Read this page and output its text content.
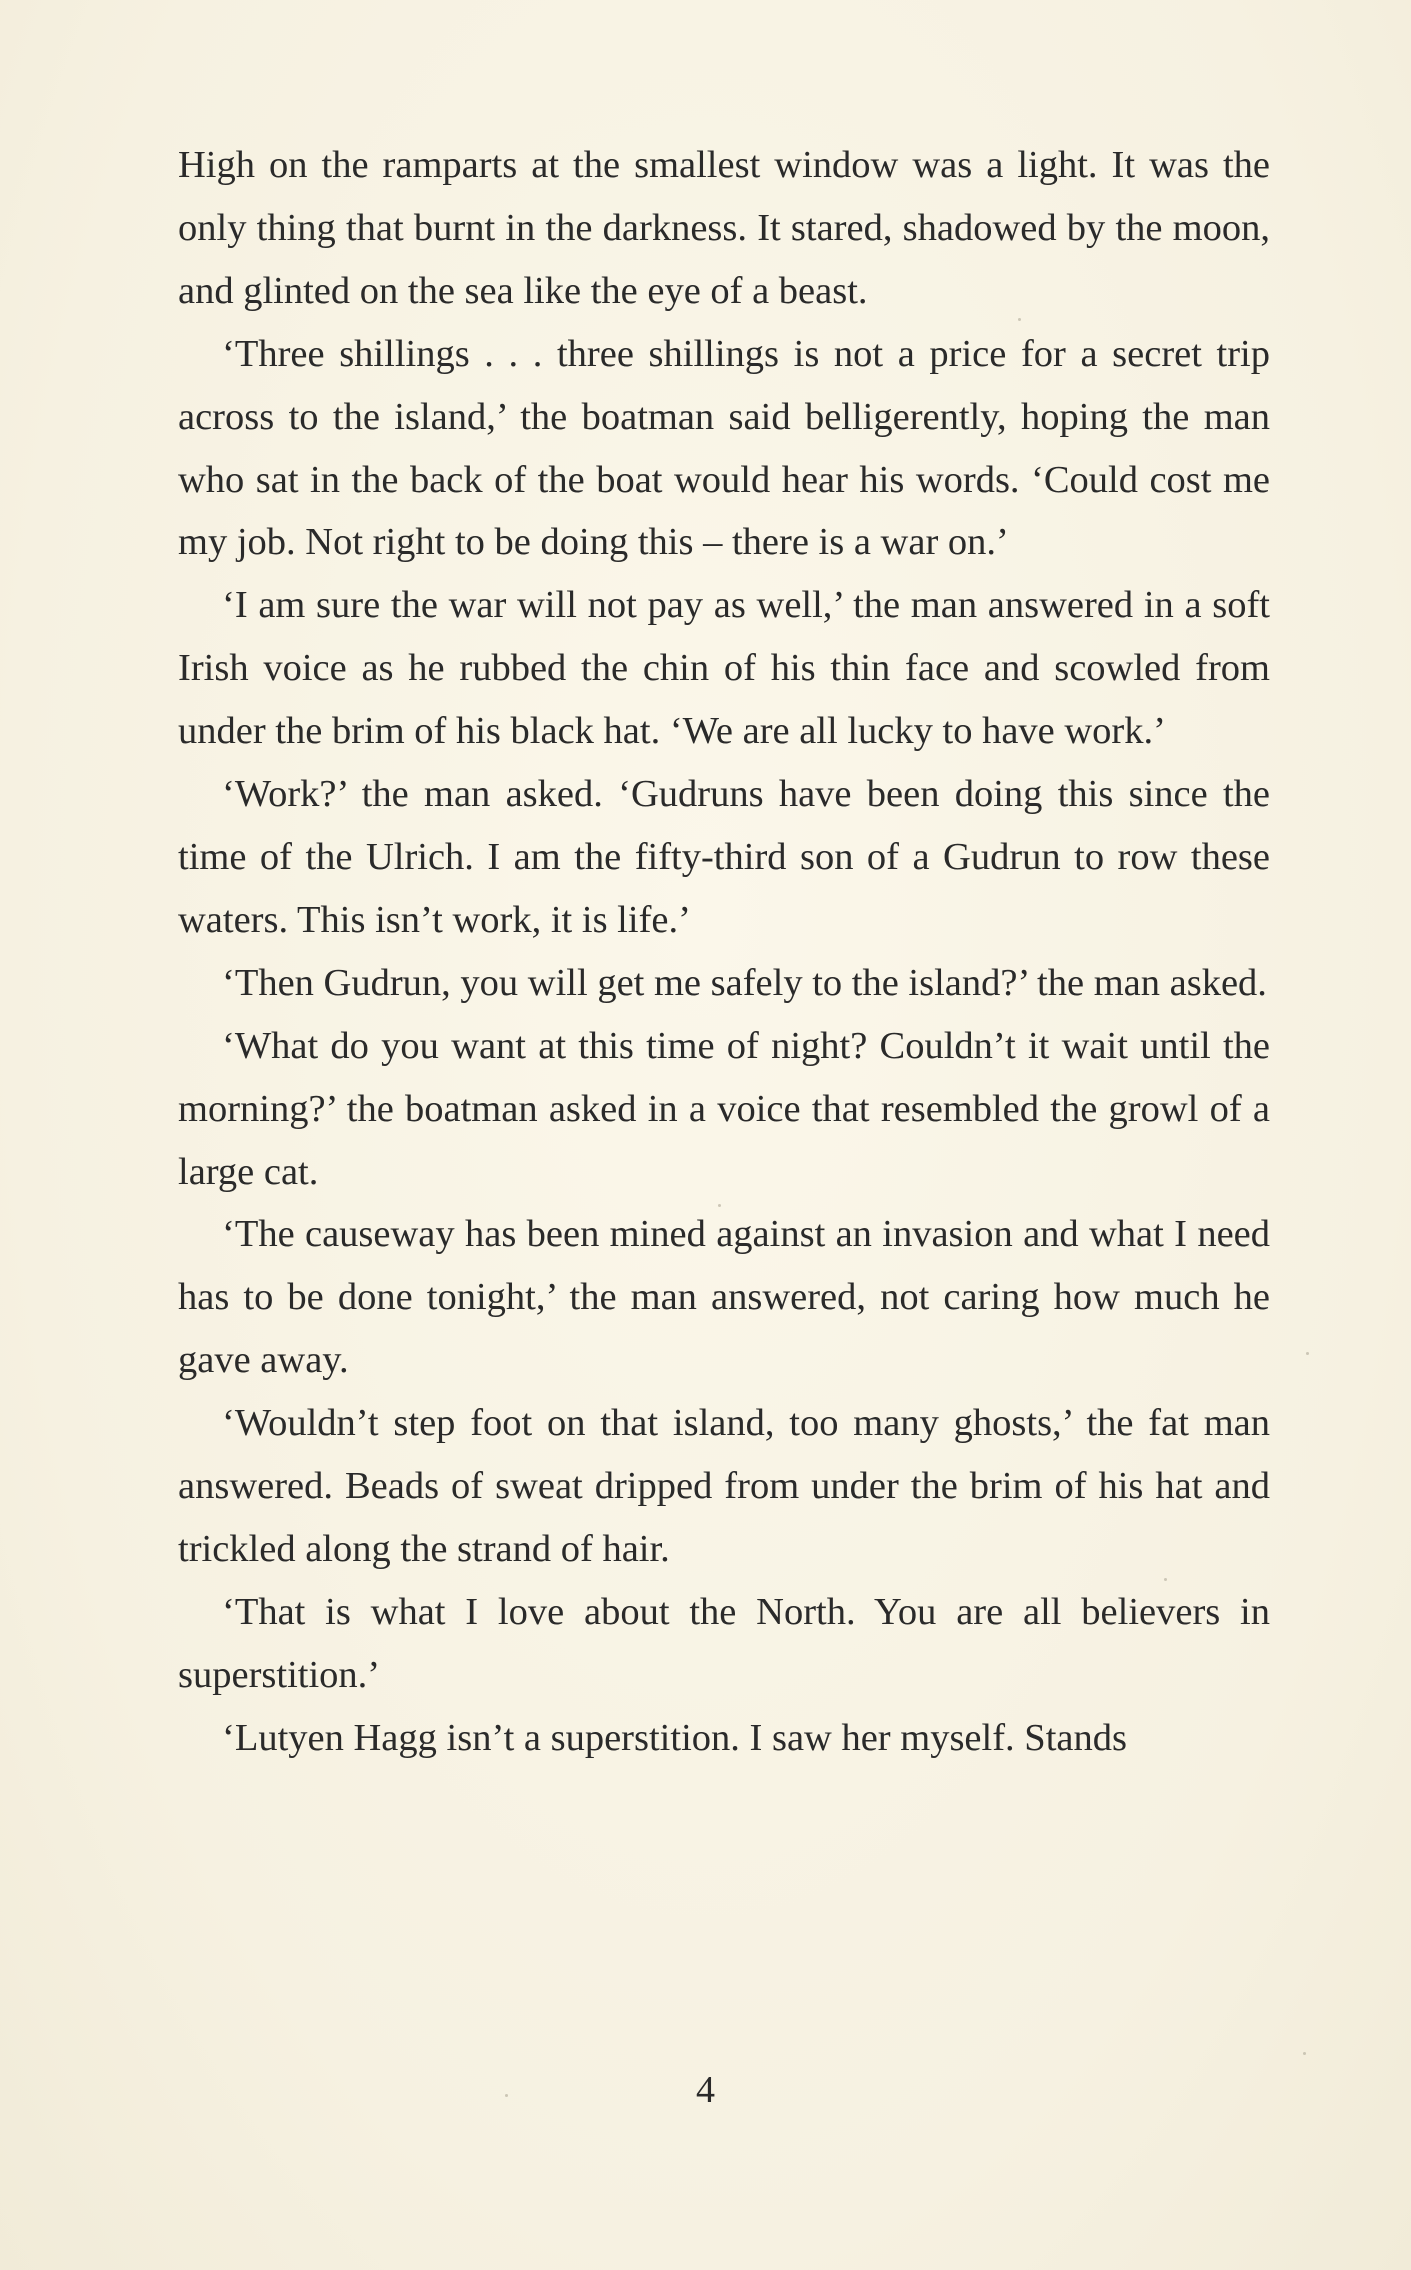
High on the ramparts at the smallest window was a light. It was the only thing that burnt in the darkness. It stared, shadowed by the moon, and glinted on the sea like the eye of a beast.

‘Three shillings . . . three shillings is not a price for a secret trip across to the island,’ the boatman said belligerently, hoping the man who sat in the back of the boat would hear his words. ‘Could cost me my job. Not right to be doing this – there is a war on.’

‘I am sure the war will not pay as well,’ the man answered in a soft Irish voice as he rubbed the chin of his thin face and scowled from under the brim of his black hat. ‘We are all lucky to have work.’

‘Work?’ the man asked. ‘Gudruns have been doing this since the time of the Ulrich. I am the fifty-third son of a Gudrun to row these waters. This isn’t work, it is life.’

‘Then Gudrun, you will get me safely to the island?’ the man asked.

‘What do you want at this time of night? Couldn’t it wait until the morning?’ the boatman asked in a voice that resembled the growl of a large cat.

‘The causeway has been mined against an invasion and what I need has to be done tonight,’ the man answered, not caring how much he gave away.

‘Wouldn’t step foot on that island, too many ghosts,’ the fat man answered. Beads of sweat dripped from under the brim of his hat and trickled along the strand of hair.

‘That is what I love about the North. You are all believers in superstition.’

‘Lutyen Hagg isn’t a superstition. I saw her myself. Stands

4
